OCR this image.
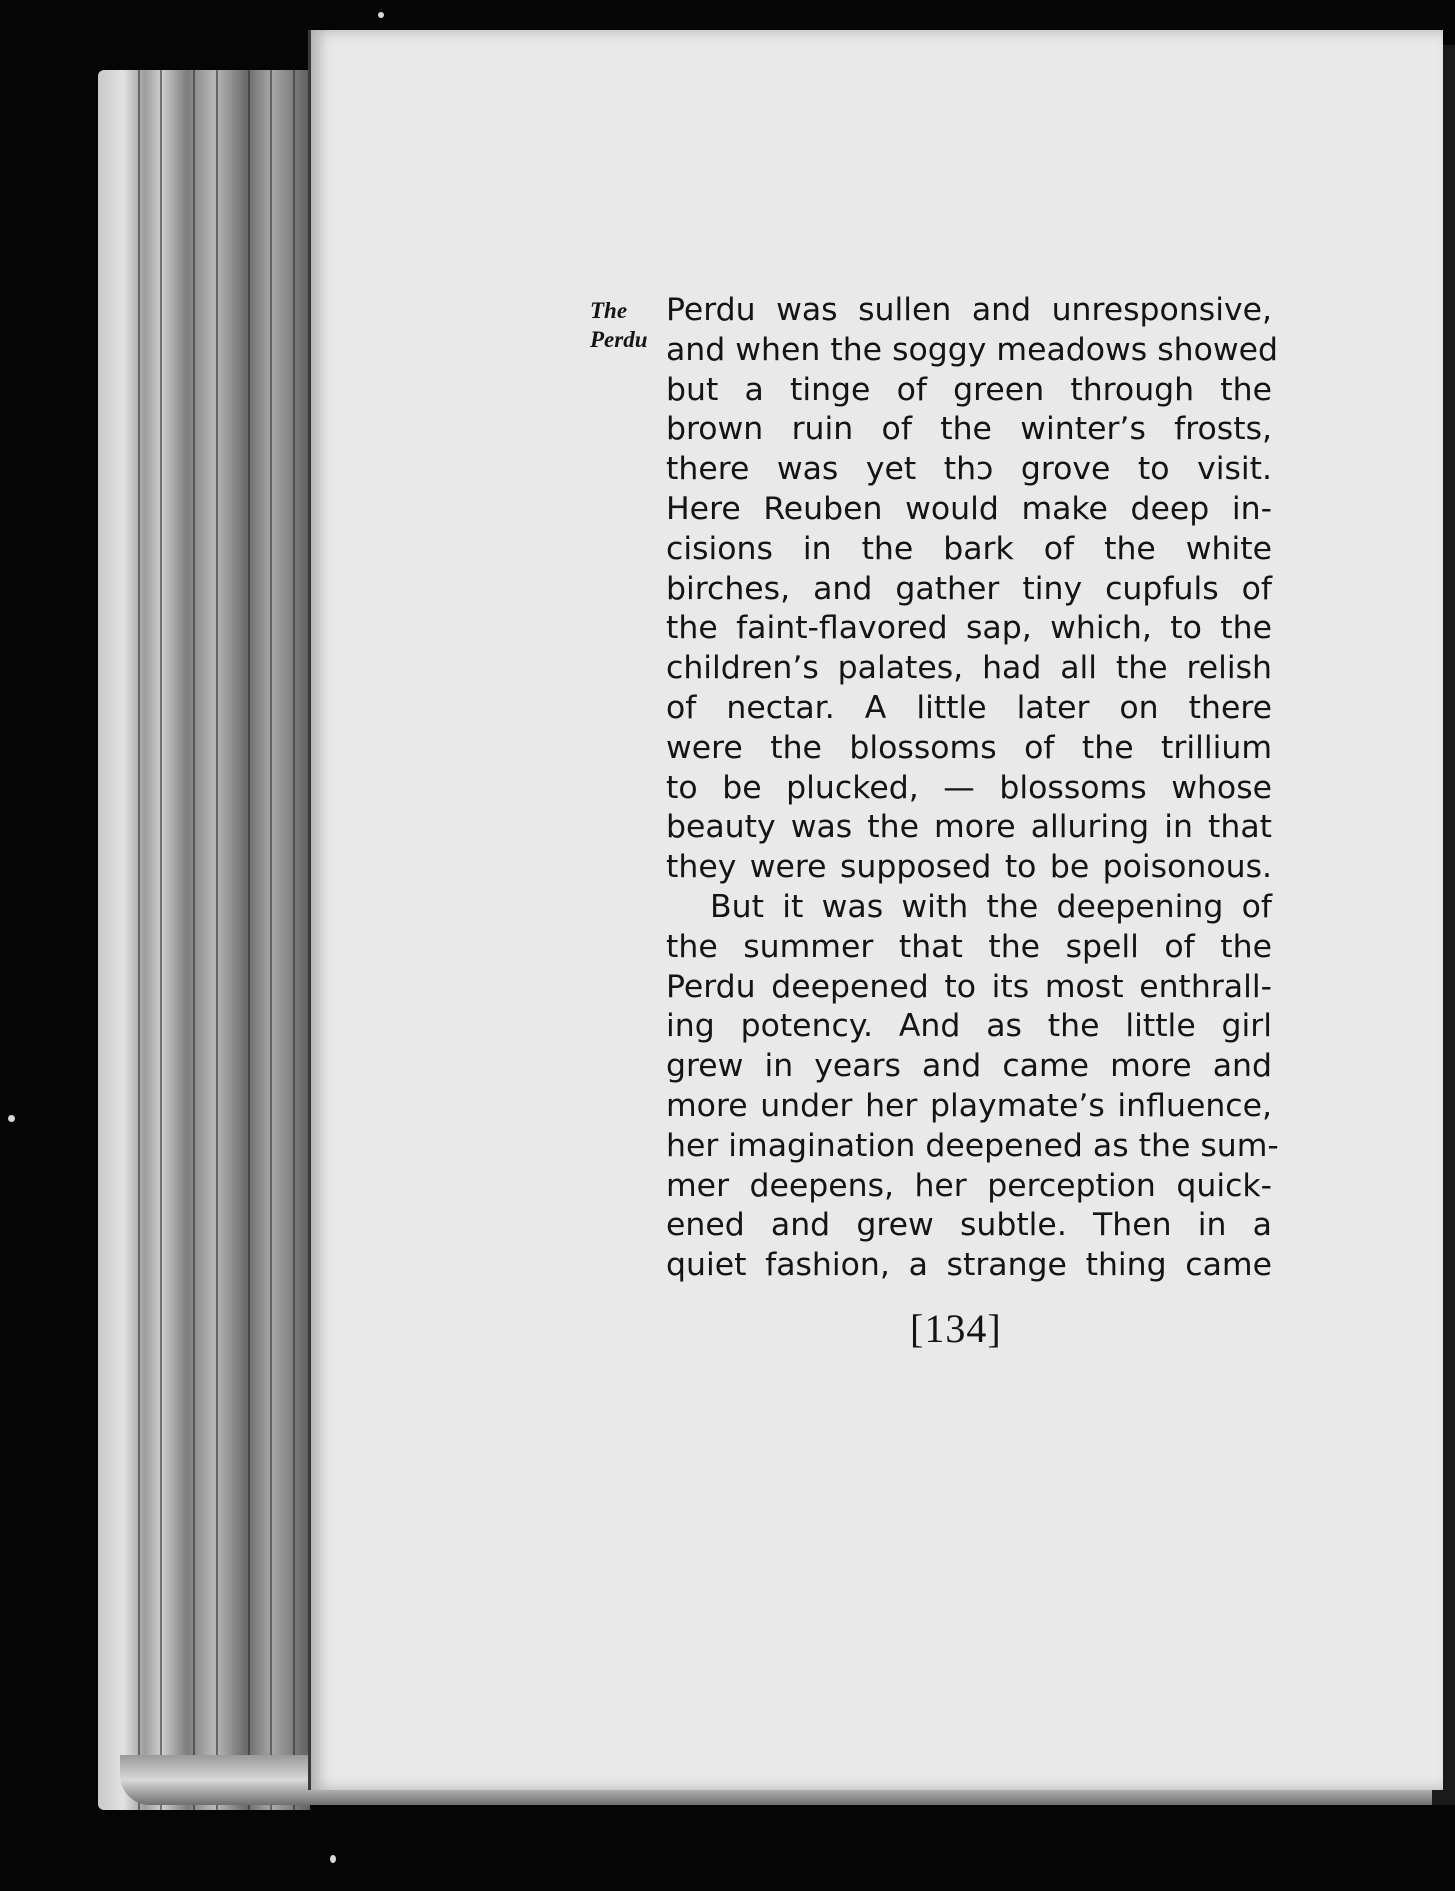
The
Perdu
Perdu was sullen and unresponsive,
and when the soggy meadows showed
but a tinge of green through the
brown ruin of the winter’s frosts,
there was yet thɔ grove to visit.
Here Reuben would make deep in-
cisions in the bark of the white
birches, and gather tiny cupfuls of
the faint-flavored sap, which, to the
children’s palates, had all the relish
of nectar. A little later on there
were the blossoms of the trillium
to be plucked, — blossoms whose
beauty was the more alluring in that
they were supposed to be poisonous.
But it was with the deepening of
the summer that the spell of the
Perdu deepened to its most enthrall-
ing potency. And as the little girl
grew in years and came more and
more under her playmate’s influence,
her imagination deepened as the sum-
mer deepens, her perception quick-
ened and grew subtle. Then in a
quiet fashion, a strange thing came
[134]
